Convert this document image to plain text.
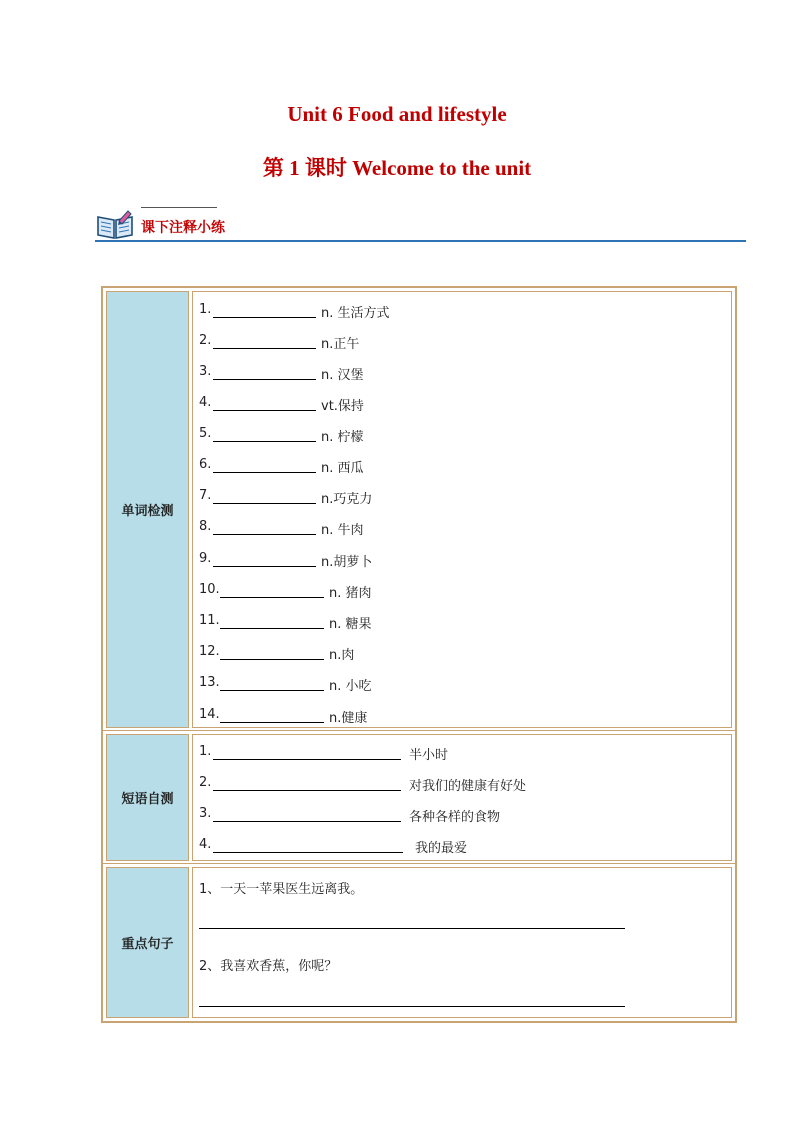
Unit 6 Food and lifestyle
第 1 课时 Welcome to the unit
课下注释小练
单词检测
1.	n. 生活方式
2.	n.正午
3.	n. 汉堡
4.	vt.保持
5.	n. 柠檬
6.	n. 西瓜
7.	n.巧克力
8.	n. 牛肉
9.	n.胡萝卜
10.	n. 猪肉
11.	n. 糖果
12.	n.肉
13.	n. 小吃
14.	n.健康
短语自测
1.	半小时
2.	对我们的健康有好处
3.	各种各样的食物
4.	我的最爱
重点句子
1、一天一苹果医生远离我。
2、我喜欢香蕉，你呢？
